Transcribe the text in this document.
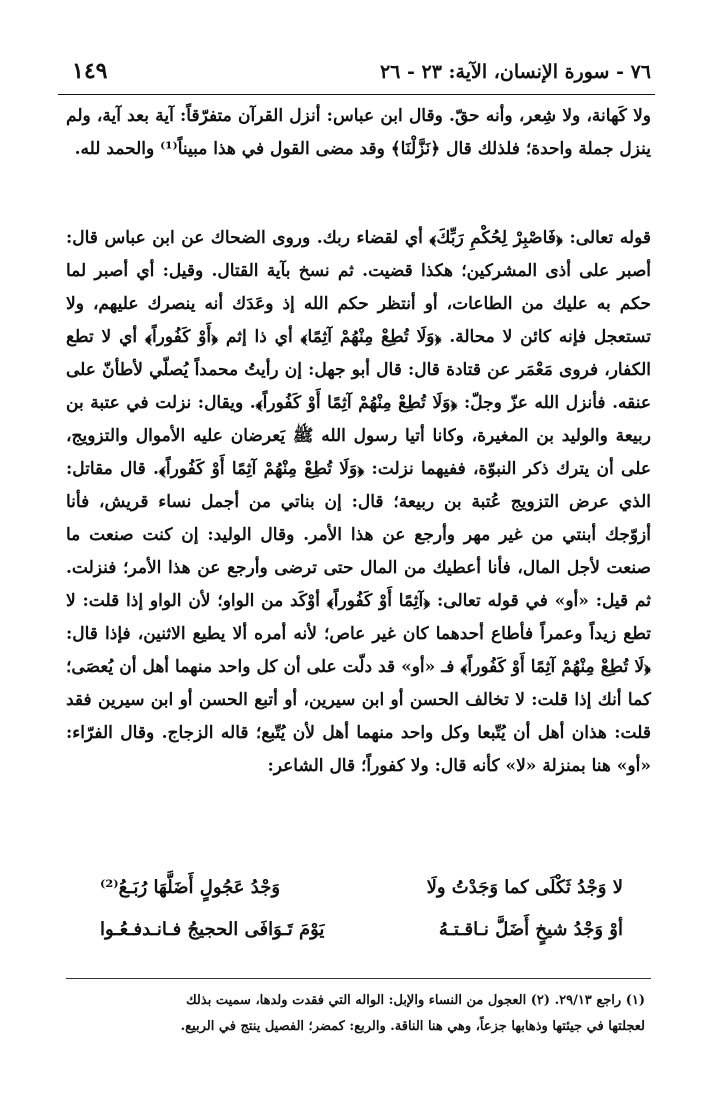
٧٦ - سورة الإنسان، الآية: ٢٣ - ٢٦
١٤٩

ولا كَهانة، ولا شِعر، وأنه حقّ. وقال ابن عباس: أنزل القرآن متفرّقاً: آية بعد آية، ولم ينزل جملة واحدة؛ فلذلك قال ﴿نَزَّلْنَا﴾ وقد مضى القول في هذا مبيناً⁽¹⁾ والحمد لله.

قوله تعالى: ﴿فَاصْبِرْ لِحُكْمِ رَبِّكَ﴾ أي لقضاء ربك. وروى الضحاك عن ابن عباس قال: أصبر على أذى المشركين؛ هكذا قضيت. ثم نسخ بآية القتال. وقيل: أي أصبر لما حكم به عليك من الطاعات، أو أنتظر حكم الله إذ وعَدَك أنه ينصرك عليهم، ولا تستعجل فإنه كائن لا محالة. ﴿وَلَا تُطِعْ مِنْهُمْ آثِمًا﴾ أي ذا إثم ﴿أَوْ كَفُوراً﴾ أي لا تطع الكفار، فروى مَعْمَر عن قتادة قال: قال أبو جهل: إن رأيتُ محمداً يُصلّي لأطأنّ على عنقه. فأنزل الله عزّ وجلّ: ﴿وَلَا تُطِعْ مِنْهُمْ آثِمًا أَوْ كَفُوراً﴾. ويقال: نزلت في عتبة بن ربيعة والوليد بن المغيرة، وكانا أتيا رسول الله ﷺ يَعرضان عليه الأموال والتزويج، على أن يترك ذكر النبوّة، ففيهما نزلت: ﴿وَلَا تُطِعْ مِنْهُمْ آثِمًا أَوْ كَفُوراً﴾. قال مقاتل: الذي عرض التزويج عُتبة بن ربيعة؛ قال: إن بناتي من أجمل نساء قريش، فأنا أزوّجك أبنتي من غير مهر وأرجع عن هذا الأمر. وقال الوليد: إن كنت صنعت ما صنعت لأجل المال، فأنا أعطيك من المال حتى ترضى وأرجع عن هذا الأمر؛ فنزلت. ثم قيل: «أو» في قوله تعالى: ﴿آثِمًا أَوْ كَفُوراً﴾ أوْكَد من الواو؛ لأن الواو إذا قلت: لا تطع زيداً وعمراً فأطاع أحدهما كان غير عاص؛ لأنه أمره ألا يطيع الاثنين، فإذا قال: ﴿لَا تُطِعْ مِنْهُمْ آثِمًا أَوْ كَفُوراً﴾ فـ «أو» قد دلّت على أن كل واحد منهما أهل أن يُعصَى؛ كما أنك إذا قلت: لا تخالف الحسن أو ابن سيرين، أو أتبع الحسن أو ابن سيرين فقد قلت: هذان أهل أن يُتّبعا وكل واحد منهما أهل لأن يُتّبع؛ قاله الزجاج. وقال الفرّاء: «أو» هنا بمنزلة «لا» كأنه قال: ولا كفوراً؛ قال الشاعر:

لا وَجْدُ ثَكْلَى كما وَجَدْتُ ولَا
وَجْدُ عَجُولٍ أَضَلَّهَا رُبَـعُ⁽²⁾
أوْ وَجْدُ شيخٍ أَضَلَّ نـاقـتـهُ
يَوْمَ تَـوَافَى الحجيجُ فـانـدفـعُـوا

(١) راجع ٢٩/١٣. (٢) العجول من النساء والإبل: الواله التي فقدت ولدها، سميت بذلك

لعجلتها في جيئتها وذهابها جزعاً، وهي هنا الناقة. والربع: كمضر؛ الفصيل ينتج في الربيع.
